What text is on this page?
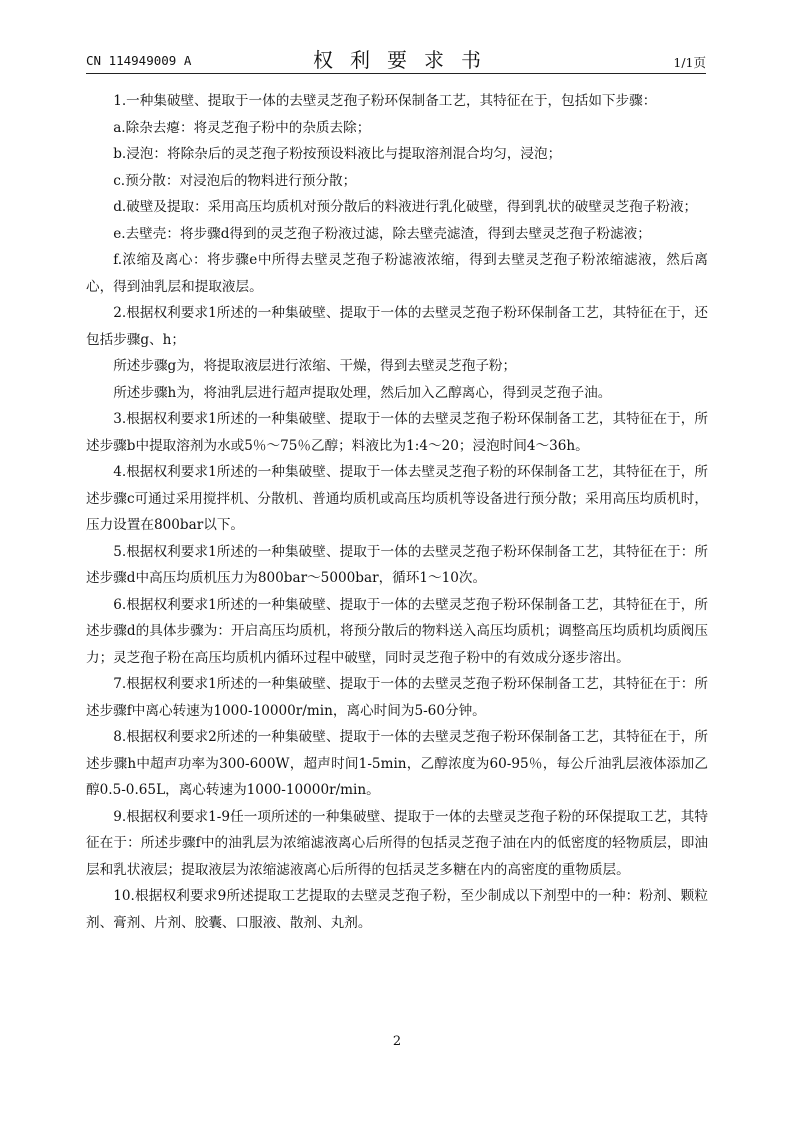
CN 114949009 A	权利要求书	1/1页

1.一种集破壁、提取于一体的去壁灵芝孢子粉环保制备工艺，其特征在于，包括如下步骤：

a.除杂去瘪：将灵芝孢子粉中的杂质去除；

b.浸泡：将除杂后的灵芝孢子粉按预设料液比与提取溶剂混合均匀，浸泡；

c.预分散：对浸泡后的物料进行预分散；

d.破壁及提取：采用高压均质机对预分散后的料液进行乳化破壁，得到乳状的破壁灵芝孢子粉液；

e.去壁壳：将步骤d得到的灵芝孢子粉液过滤，除去壁壳滤渣，得到去壁灵芝孢子粉滤液；

f.浓缩及离心：将步骤e中所得去壁灵芝孢子粉滤液浓缩，得到去壁灵芝孢子粉浓缩滤液，然后离心，得到油乳层和提取液层。

2.根据权利要求1所述的一种集破壁、提取于一体的去壁灵芝孢子粉环保制备工艺，其特征在于，还包括步骤g、h；

所述步骤g为，将提取液层进行浓缩、干燥，得到去壁灵芝孢子粉；

所述步骤h为，将油乳层进行超声提取处理，然后加入乙醇离心，得到灵芝孢子油。

3.根据权利要求1所述的一种集破壁、提取于一体的去壁灵芝孢子粉环保制备工艺，其特征在于，所述步骤b中提取溶剂为水或5％～75％乙醇；料液比为1:4～20；浸泡时间4～36h。

4.根据权利要求1所述的一种集破壁、提取于一体去壁灵芝孢子粉的环保制备工艺，其特征在于，所述步骤c可通过采用搅拌机、分散机、普通均质机或高压均质机等设备进行预分散；采用高压均质机时，压力设置在800bar以下。

5.根据权利要求1所述的一种集破壁、提取于一体的去壁灵芝孢子粉环保制备工艺，其特征在于：所述步骤d中高压均质机压力为800bar～5000bar，循环1～10次。

6.根据权利要求1所述的一种集破壁、提取于一体的去壁灵芝孢子粉环保制备工艺，其特征在于，所述步骤d的具体步骤为：开启高压均质机，将预分散后的物料送入高压均质机；调整高压均质机均质阀压力；灵芝孢子粉在高压均质机内循环过程中破壁，同时灵芝孢子粉中的有效成分逐步溶出。

7.根据权利要求1所述的一种集破壁、提取于一体的去壁灵芝孢子粉环保制备工艺，其特征在于：所述步骤f中离心转速为1000-10000r/min，离心时间为5-60分钟。

8.根据权利要求2所述的一种集破壁、提取于一体的去壁灵芝孢子粉环保制备工艺，其特征在于，所述步骤h中超声功率为300-600W，超声时间1-5min，乙醇浓度为60-95％，每公斤油乳层液体添加乙醇0.5-0.65L，离心转速为1000-10000r/min。

9.根据权利要求1-9任一项所述的一种集破壁、提取于一体的去壁灵芝孢子粉的环保提取工艺，其特征在于：所述步骤f中的油乳层为浓缩滤液离心后所得的包括灵芝孢子油在内的低密度的轻物质层，即油层和乳状液层；提取液层为浓缩滤液离心后所得的包括灵芝多糖在内的高密度的重物质层。

10.根据权利要求9所述提取工艺提取的去壁灵芝孢子粉，至少制成以下剂型中的一种：粉剂、颗粒剂、膏剂、片剂、胶囊、口服液、散剂、丸剂。

2
